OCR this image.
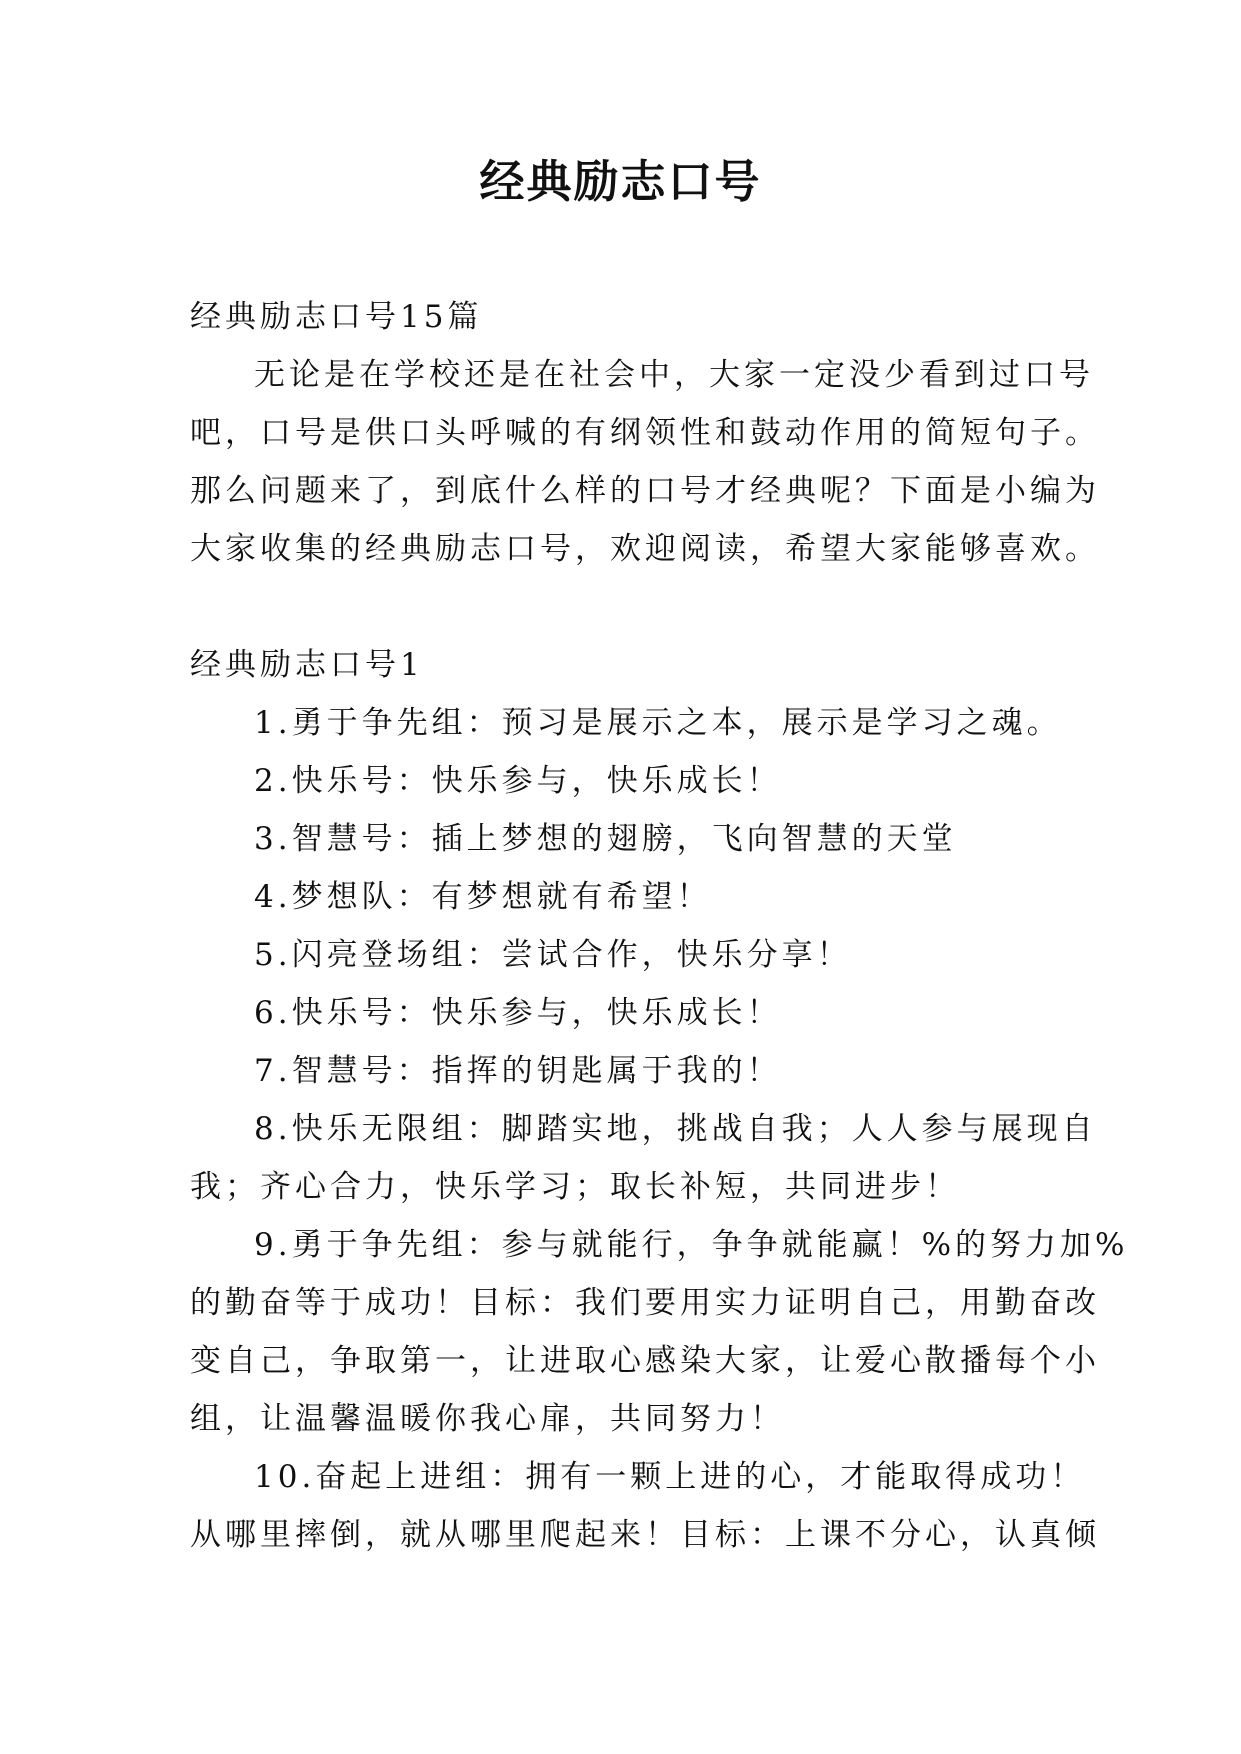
经典励志口号

经典励志口号15篇

无论是在学校还是在社会中，大家一定没少看到过口号

吧，口号是供口头呼喊的有纲领性和鼓动作用的简短句子。

那么问题来了，到底什么样的口号才经典呢？下面是小编为

大家收集的经典励志口号，欢迎阅读，希望大家能够喜欢。

经典励志口号1

1.勇于争先组：预习是展示之本，展示是学习之魂。

2.快乐号：快乐参与，快乐成长！

3.智慧号：插上梦想的翅膀，飞向智慧的天堂

4.梦想队：有梦想就有希望！

5.闪亮登场组：尝试合作，快乐分享！

6.快乐号：快乐参与，快乐成长！

7.智慧号：指挥的钥匙属于我的！

8.快乐无限组：脚踏实地，挑战自我；人人参与展现自

我；齐心合力，快乐学习；取长补短，共同进步！

9.勇于争先组：参与就能行，争争就能赢！%的努力加%

的勤奋等于成功！目标：我们要用实力证明自己，用勤奋改

变自己，争取第一，让进取心感染大家，让爱心散播每个小

组，让温馨温暖你我心扉，共同努力！

10.奋起上进组：拥有一颗上进的心，才能取得成功！

从哪里摔倒，就从哪里爬起来！目标：上课不分心，认真倾
